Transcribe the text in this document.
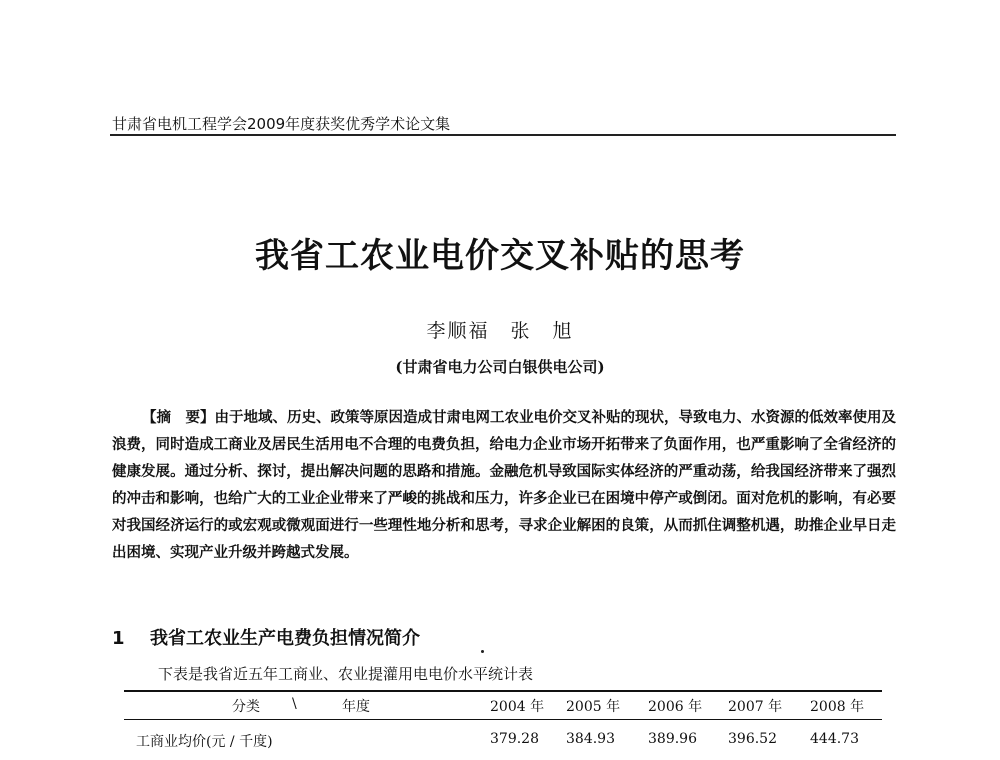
甘肃省电机工程学会2009年度获奖优秀学术论文集
我省工农业电价交叉补贴的思考
李顺福　张　旭
(甘肃省电力公司白银供电公司)
【摘　要】由于地域、历史、政策等原因造成甘肃电网工农业电价交叉补贴的现状，导致电力、水资源的低效率使用及浪费，同时造成工商业及居民生活用电不合理的电费负担，给电力企业市场开拓带来了负面作用，也严重影响了全省经济的健康发展。通过分析、探讨，提出解决问题的思路和措施。金融危机导致国际实体经济的严重动荡，给我国经济带来了强烈的冲击和影响，也给广大的工业企业带来了严峻的挑战和压力，许多企业已在困境中停产或倒闭。面对危机的影响，有必要对我国经济运行的或宏观或微观面进行一些理性地分析和思考，寻求企业解困的良策，从而抓住调整机遇，助推企业早日走出困境、实现产业升级并跨越式发展。
1 我省工农业生产电费负担情况简介
下表是我省近五年工商业、农业提灌用电电价水平统计表
分类 \	年度	2004 年 2005 年 2006 年 2007 年 2008 年
工商业均价(元 / 千度)	379.28 384.93 389.96 396.52 444.73
